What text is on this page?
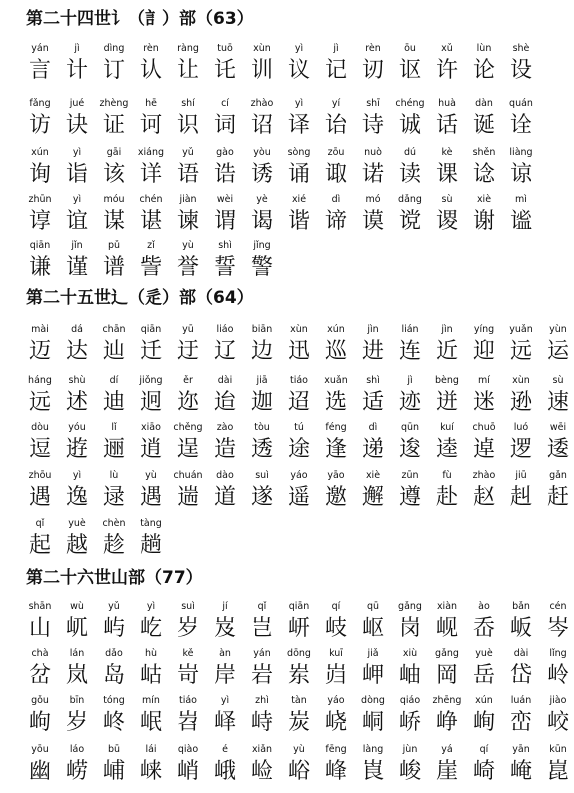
第二十四世讠（訁）部（63）
yán
言
jì
计
dìng
订
rèn
认
ràng
让
tuō
讬
xùn
训
yì
议
jì
记
rèn
讱
ōu
讴
xǔ
许
lùn
论
shè
设
fǎng
访
jué
诀
zhèng
证
hē
诃
shí
识
cí
词
zhào
诏
yì
译
yí
诒
shī
诗
chéng
诚
huà
话
dàn
诞
quán
诠
xún
询
yì
诣
gāi
该
xiáng
详
yǔ
语
gào
诰
yòu
诱
sòng
诵
zōu
诹
nuò
诺
dú
读
kè
课
shěn
谂
liàng
谅
zhūn
谆
yì
谊
móu
谋
chén
谌
jiàn
谏
wèi
谓
yè
谒
xié
谐
dì
谛
mó
谟
dǎng
谠
sù
谡
xiè
谢
mì
谧
qiān
谦
jǐn
谨
pǔ
谱
zǐ
訾
yù
誉
shì
誓
jǐng
警
第二十五世辶（辵）部（64）
mài
迈
dá
达
chān
辿
qiān
迁
yū
迂
liáo
辽
biān
边
xùn
迅
xún
巡
jìn
进
lián
连
jìn
近
yíng
迎
yuǎn
远
yùn
运
háng
远
shù
述
dí
迪
jiǒng
迥
ěr
迩
dài
迨
jiā
迦
tiáo
迢
xuǎn
选
shì
适
jì
迹
bèng
迸
mí
迷
xùn
逊
sù
速
dòu
逗
yóu
逰
lǐ
逦
xiāo
逍
chěng
逞
zào
造
tòu
透
tú
途
féng
逢
dì
递
qūn
逡
kuí
逵
chuō
逴
luó
逻
wēi
逶
zhōu
遇
yì
逸
lù
逯
yù
遇
chuán
遄
dào
道
suì
遂
yáo
遥
yāo
邀
xiè
邂
zūn
遵
fù
赴
zhào
赵
jiū
赳
gǎn
赶
qǐ
起
yuè
越
chèn
趁
tàng
趟
第二十六世山部（77）
shān
山
wù
屼
yǔ
屿
yì
屹
suì
岁
jí
岌
qǐ
岂
qiān
岍
qí
岐
qū
岖
gǎng
岗
xiàn
岘
ào
岙
bǎn
岅
cén
岑
chà
岔
lán
岚
dǎo
岛
hù
岵
kě
岢
àn
岸
yán
岩
dōng
岽
kuī
岿
jiǎ
岬
xiù
岫
gǎng
岡
yuè
岳
dài
岱
lǐng
岭
gǒu
岣
bīn
岁
tóng
峂
mín
岷
tiáo
岧
yì
峄
zhì
峙
tàn
炭
yáo
峣
dòng
峒
qiáo
峤
zhēng
峥
xún
峋
luán
峦
jiào
峧
yōu
幽
láo
崂
bū
峬
lái
崃
qiào
峭
é
峨
xiǎn
崄
yù
峪
fēng
峰
làng
崀
jùn
峻
yá
崖
qí
崎
yān
崦
kūn
崑
